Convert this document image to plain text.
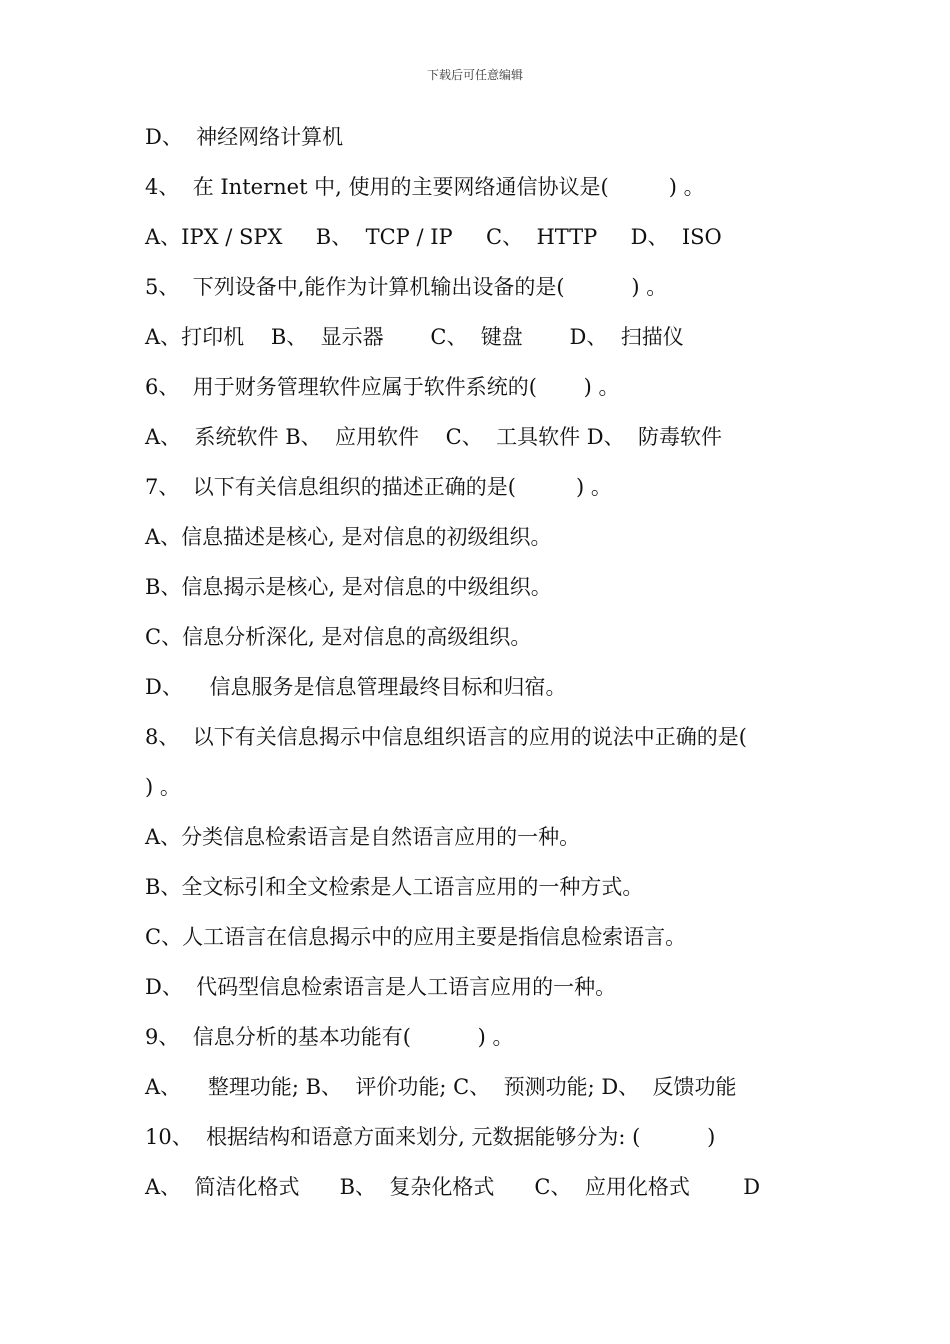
下载后可任意编辑
D、  神经网络计算机
4、  在 Internet 中, 使用的主要网络通信协议是(         ) 。
A、IPX / SPX     B、  TCP / IP     C、  HTTP     D、  ISO
5、  下列设备中,能作为计算机输出设备的是(          ) 。
A、打印机    B、  显示器       C、  键盘       D、  扫描仪
6、  用于财务管理软件应属于软件系统的(       ) 。
A、  系统软件 B、  应用软件    C、  工具软件 D、  防毒软件
7、  以下有关信息组织的描述正确的是(         ) 。
A、信息描述是核心, 是对信息的初级组织。
B、信息揭示是核心, 是对信息的中级组织。
C、信息分析深化, 是对信息的高级组织。
D、    信息服务是信息管理最终目标和归宿。
8、  以下有关信息揭示中信息组织语言的应用的说法中正确的是(
) 。
A、分类信息检索语言是自然语言应用的一种。
B、全文标引和全文检索是人工语言应用的一种方式。
C、人工语言在信息揭示中的应用主要是指信息检索语言。
D、  代码型信息检索语言是人工语言应用的一种。
9、  信息分析的基本功能有(          ) 。
A、    整理功能; B、  评价功能; C、  预测功能; D、  反馈功能
10、  根据结构和语意方面来划分, 元数据能够分为: (          )
A、  简洁化格式      B、  复杂化格式      C、  应用化格式        D
